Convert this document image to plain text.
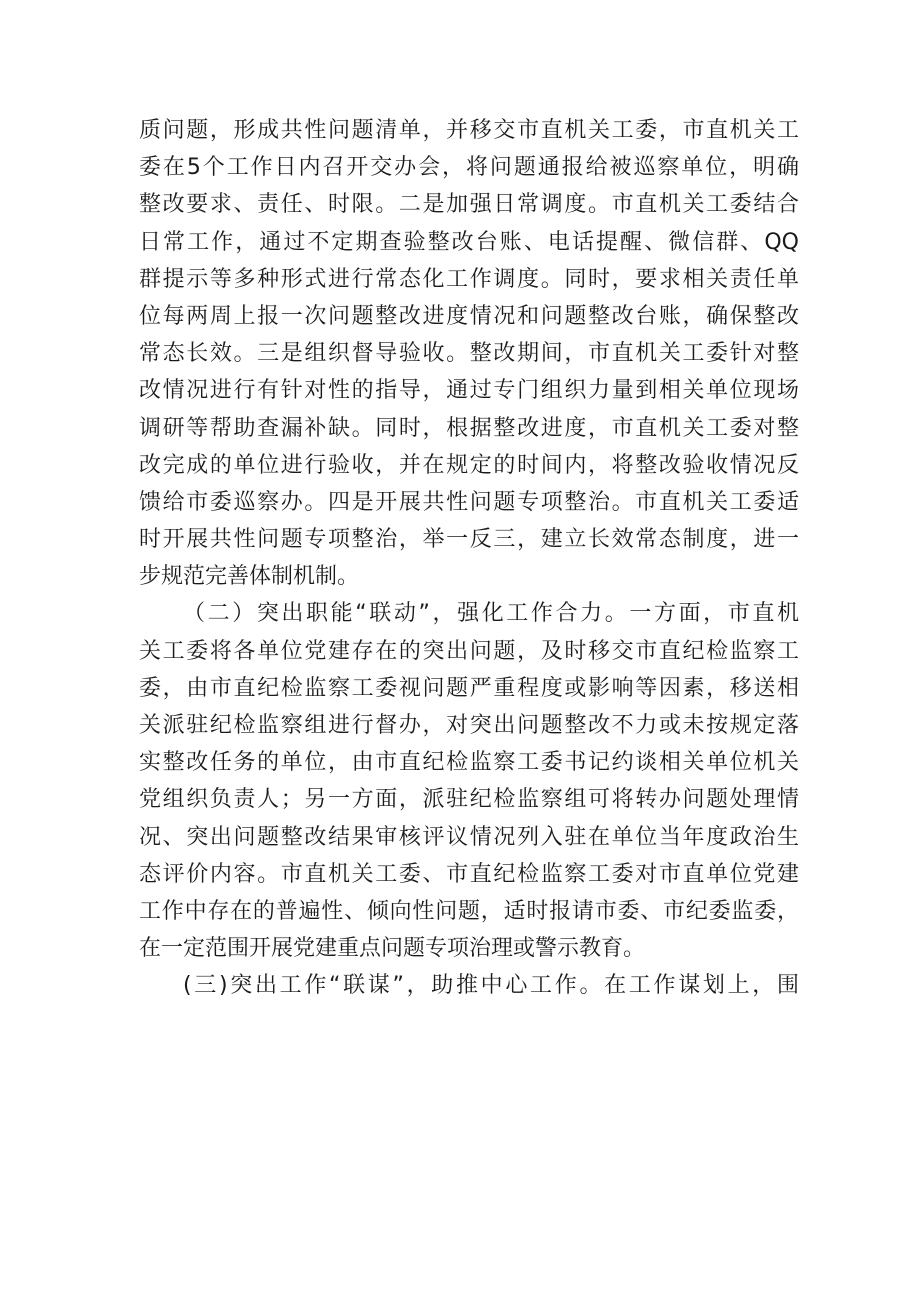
质问题，形成共性问题清单，并移交市直机关工委，市直机关工
委在5个工作日内召开交办会，将问题通报给被巡察单位，明确
整改要求、责任、时限。二是加强日常调度。市直机关工委结合
日常工作，通过不定期查验整改台账、电话提醒、微信群、QQ
群提示等多种形式进行常态化工作调度。同时，要求相关责任单
位每两周上报一次问题整改进度情况和问题整改台账，确保整改
常态长效。三是组织督导验收。整改期间，市直机关工委针对整
改情况进行有针对性的指导，通过专门组织力量到相关单位现场
调研等帮助查漏补缺。同时，根据整改进度，市直机关工委对整
改完成的单位进行验收，并在规定的时间内，将整改验收情况反
馈给市委巡察办。四是开展共性问题专项整治。市直机关工委适
时开展共性问题专项整治，举一反三，建立长效常态制度，进一
步规范完善体制机制。
（二）突出职能“联动”，强化工作合力。一方面，市直机
关工委将各单位党建存在的突出问题，及时移交市直纪检监察工
委，由市直纪检监察工委视问题严重程度或影响等因素，移送相
关派驻纪检监察组进行督办，对突出问题整改不力或未按规定落
实整改任务的单位，由市直纪检监察工委书记约谈相关单位机关
党组织负责人；另一方面，派驻纪检监察组可将转办问题处理情
况、突出问题整改结果审核评议情况列入驻在单位当年度政治生
态评价内容。市直机关工委、市直纪检监察工委对市直单位党建
工作中存在的普遍性、倾向性问题，适时报请市委、市纪委监委，
在一定范围开展党建重点问题专项治理或警示教育。
(三)突出工作“联谋”，助推中心工作。在工作谋划上，围
